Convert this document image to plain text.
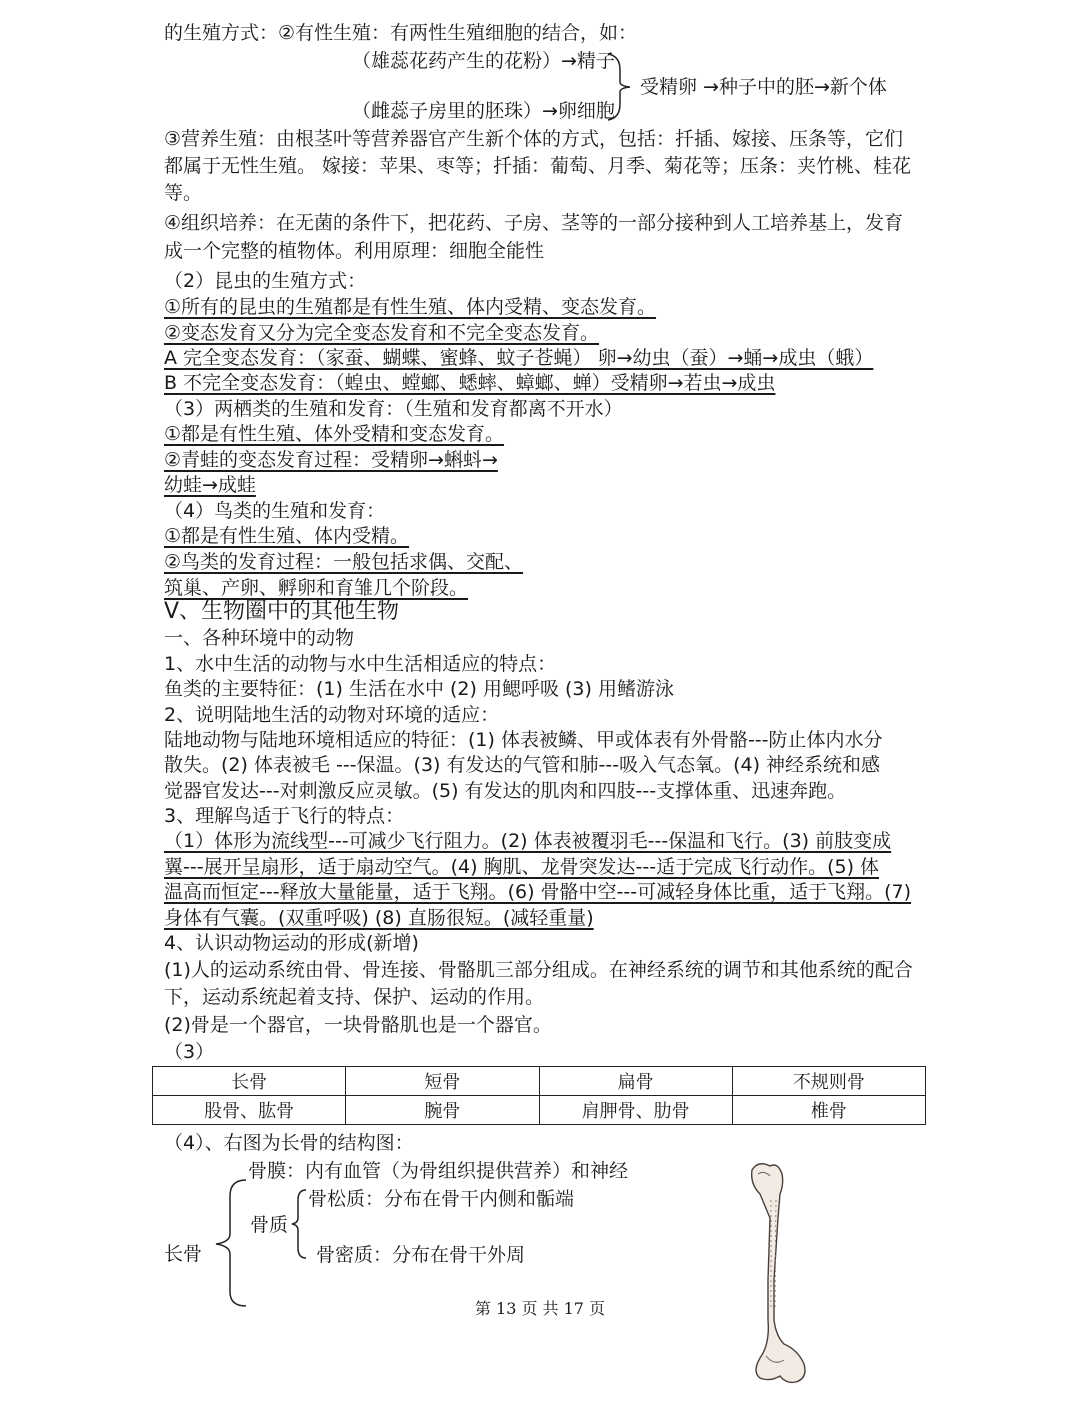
的生殖方式：②有性生殖：有两性生殖细胞的结合，如：
（雄蕊花药产生的花粉）→精子
（雌蕊子房里的胚珠）→卵细胞
受精卵 →种子中的胚→新个体
③营养生殖：由根茎叶等营养器官产生新个体的方式，包括：扦插、嫁接、压条等，它们
都属于无性生殖。 嫁接：苹果、枣等；扦插：葡萄、月季、菊花等；压条：夹竹桃、桂花
等。
④组织培养：在无菌的条件下，把花药、子房、茎等的一部分接种到人工培养基上，发育
成一个完整的植物体。利用原理：细胞全能性
（2）昆虫的生殖方式：
①所有的昆虫的生殖都是有性生殖、体内受精、变态发育。
②变态发育又分为完全变态发育和不完全变态发育。
A 完全变态发育：（家蚕、蝴蝶、蜜蜂、蚊子苍蝇） 卵→幼虫（蚕）→蛹→成虫（蛾）
B 不完全变态发育：（蝗虫、螳螂、蟋蟀、蟑螂、蝉）受精卵→若虫→成虫
（3）两栖类的生殖和发育：（生殖和发育都离不开水）
①都是有性生殖、体外受精和变态发育。
②青蛙的变态发育过程：受精卵→蝌蚪→
幼蛙→成蛙
（4）鸟类的生殖和发育：
①都是有性生殖、体内受精。
②鸟类的发育过程：一般包括求偶、交配、
筑巢、产卵、孵卵和育雏几个阶段。
Ⅴ、生物圈中的其他生物
一、各种环境中的动物
1、水中生活的动物与水中生活相适应的特点：
鱼类的主要特征：(1) 生活在水中 (2) 用鳃呼吸 (3) 用鳍游泳
2、说明陆地生活的动物对环境的适应：
陆地动物与陆地环境相适应的特征：(1) 体表被鳞、甲或体表有外骨骼---防止体内水分
散失。(2) 体表被毛 ---保温。(3) 有发达的气管和肺---吸入气态氧。(4) 神经系统和感
觉器官发达---对刺激反应灵敏。(5) 有发达的肌肉和四肢---支撑体重、迅速奔跑。
3、理解鸟适于飞行的特点：
（1）体形为流线型---可减少飞行阻力。(2) 体表被覆羽毛---保温和飞行。(3) 前肢变成
翼---展开呈扇形，适于扇动空气。(4) 胸肌、龙骨突发达---适于完成飞行动作。(5) 体
温高而恒定---释放大量能量，适于飞翔。(6) 骨骼中空---可减轻身体比重，适于飞翔。(7)
身体有气囊。(双重呼吸) (8) 直肠很短。(减轻重量)
4、认识动物运动的形成(新增)
(1)人的运动系统由骨、骨连接、骨骼肌三部分组成。在神经系统的调节和其他系统的配合
下，运动系统起着支持、保护、运动的作用。
(2)骨是一个器官，一块骨骼肌也是一个器官。
（3）
长骨	短骨	扁骨	不规则骨
股骨、肱骨	腕骨	肩胛骨、肋骨	椎骨
（4）、右图为长骨的结构图：
骨膜：内有血管（为骨组织提供营养）和神经
长骨
骨质
骨松质：分布在骨干内侧和骺端
骨密质：分布在骨干外周
第 13 页 共 17 页
